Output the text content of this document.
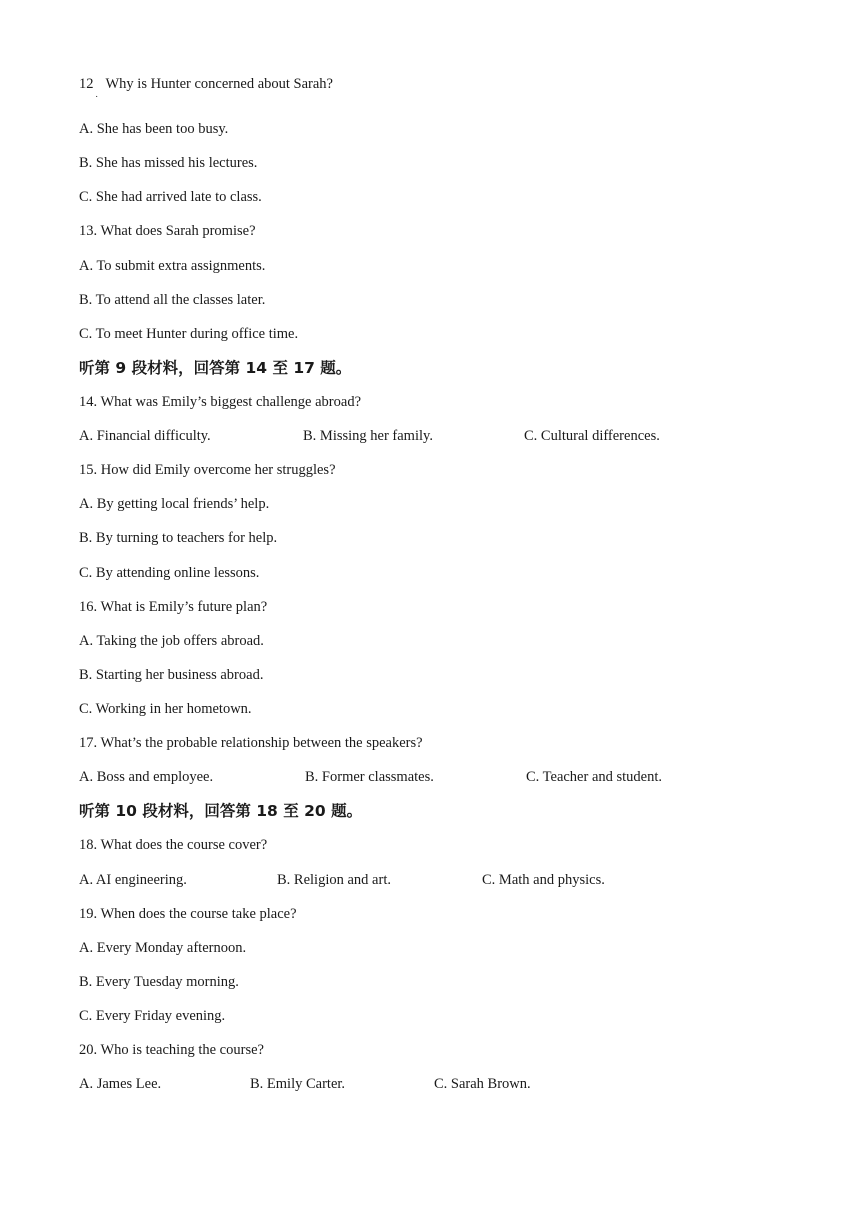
12 Why is Hunter concerned about Sarah?
˙
A. She has been too busy.
B. She has missed his lectures.
C. She had arrived late to class.
13. What does Sarah promise?
A. To submit extra assignments.
B. To attend all the classes later.
C. To meet Hunter during office time.
听第 9 段材料，回答第 14 至 17 题。
14. What was Emily’s biggest challenge abroad?
A. Financial difficulty.	B. Missing her family.	C. Cultural differences.
15. How did Emily overcome her struggles?
A. By getting local friends’ help.
B. By turning to teachers for help.
C. By attending online lessons.
16. What is Emily’s future plan?
A. Taking the job offers abroad.
B. Starting her business abroad.
C. Working in her hometown.
17. What’s the probable relationship between the speakers?
A. Boss and employee.	B. Former classmates.	C. Teacher and student.
听第 10 段材料，回答第 18 至 20 题。
18. What does the course cover?
A. AI engineering.	B. Religion and art.	C. Math and physics.
19. When does the course take place?
A. Every Monday afternoon.
B. Every Tuesday morning.
C. Every Friday evening.
20. Who is teaching the course?
A. James Lee.	B. Emily Carter.	C. Sarah Brown.
